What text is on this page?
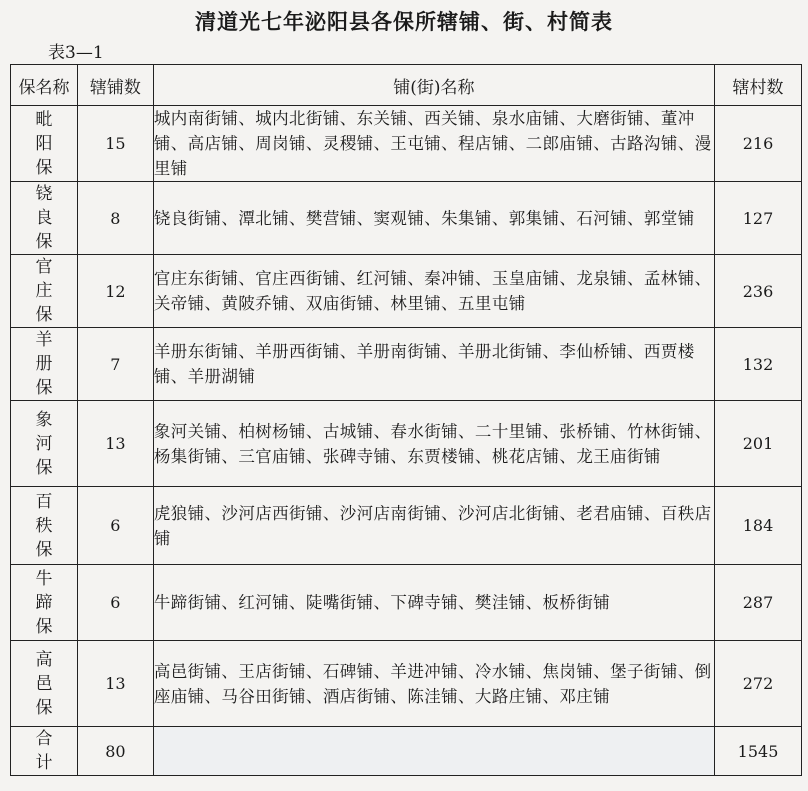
清道光七年泌阳县各保所辖铺、街、村简表
表3—1
保名称	辖铺数	铺(街)名称	辖村数

毗
阳
保	15	城内南街铺、城内北街铺、东关铺、西关铺、泉水庙铺、大磨街铺、董冲铺、高店铺、周岗铺、灵稷铺、王屯铺、程店铺、二郎庙铺、古路沟铺、漫里铺	216

铙
良
保	8	铙良街铺、潭北铺、樊营铺、窦观铺、朱集铺、郭集铺、石河铺、郭堂铺	127

官
庄
保	12	官庄东街铺、官庄西街铺、红河铺、秦冲铺、玉皇庙铺、龙泉铺、孟林铺、关帝铺、黄陂乔铺、双庙街铺、林里铺、五里屯铺	236

羊
册
保	7	羊册东街铺、羊册西街铺、羊册南街铺、羊册北街铺、李仙桥铺、西贾楼铺、羊册湖铺	132

象
河
保	13	象河关铺、柏树杨铺、古城铺、春水街铺、二十里铺、张桥铺、竹林街铺、杨集街铺、三官庙铺、张碑寺铺、东贾楼铺、桃花店铺、龙王庙街铺	201

百
秩
保	6	虎狼铺、沙河店西街铺、沙河店南街铺、沙河店北街铺、老君庙铺、百秩店铺	184

牛
蹄
保	6	牛蹄街铺、红河铺、陡嘴街铺、下碑寺铺、樊洼铺、板桥街铺	287

高
邑
保	13	高邑街铺、王店街铺、石碑铺、羊进冲铺、冷水铺、焦岗铺、堡子街铺、倒座庙铺、马谷田街铺、酒店街铺、陈洼铺、大路庄铺、邓庄铺	272

合
计	80		1545
